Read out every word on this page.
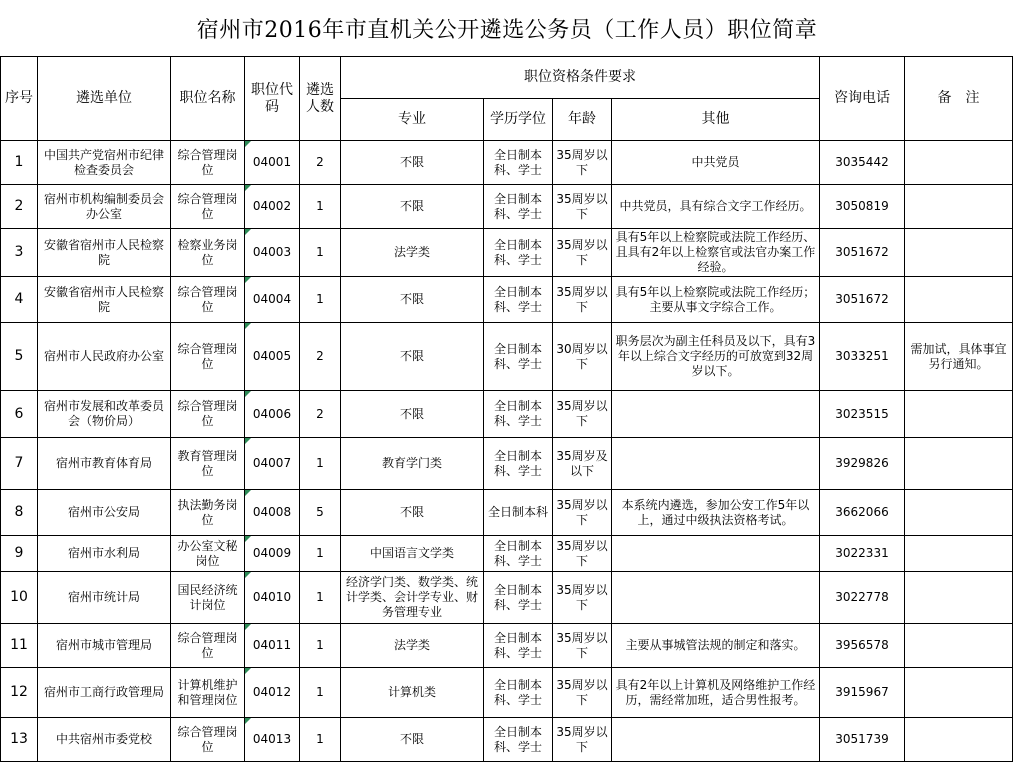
宿州市2016年市直机关公开遴选公务员（工作人员）职位简章
序号	遴选单位	职位名称	职位代码	遴选人数	职位资格条件要求				咨询电话	备　注
					专业	学历学位	年龄	其他		
1	中国共产党宿州市纪律检查委员会	综合管理岗位	04001	2	不限	全日制本科、学士	35周岁以下	中共党员	3035442	
2	宿州市机构编制委员会办公室	综合管理岗位	04002	1	不限	全日制本科、学士	35周岁以下	中共党员，具有综合文字工作经历。	3050819	
3	安徽省宿州市人民检察院	检察业务岗位	04003	1	法学类	全日制本科、学士	35周岁以下	具有5年以上检察院或法院工作经历、且具有2年以上检察官或法官办案工作经验。	3051672	
4	安徽省宿州市人民检察院	综合管理岗位	04004	1	不限	全日制本科、学士	35周岁以下	具有5年以上检察院或法院工作经历；主要从事文字综合工作。	3051672	
5	宿州市人民政府办公室	综合管理岗位	04005	2	不限	全日制本科、学士	30周岁以下	职务层次为副主任科员及以下，具有3年以上综合文字经历的可放宽到32周岁以下。	3033251	需加试，具体事宜另行通知。
6	宿州市发展和改革委员会（物价局）	综合管理岗位	04006	2	不限	全日制本科、学士	35周岁以下		3023515	
7	宿州市教育体育局	教育管理岗位	04007	1	教育学门类	全日制本科、学士	35周岁及以下		3929826	
8	宿州市公安局	执法勤务岗位	04008	5	不限	全日制本科	35周岁以下	本系统内遴选，参加公安工作5年以上，通过中级执法资格考试。	3662066	
9	宿州市水利局	办公室文秘岗位	04009	1	中国语言文学类	全日制本科、学士	35周岁以下		3022331	
10	宿州市统计局	国民经济统计岗位	04010	1	经济学门类、数学类、统计学类、会计学专业、财务管理专业	全日制本科、学士	35周岁以下		3022778	
11	宿州市城市管理局	综合管理岗位	04011	1	法学类	全日制本科、学士	35周岁以下	主要从事城管法规的制定和落实。	3956578	
12	宿州市工商行政管理局	计算机维护和管理岗位	04012	1	计算机类	全日制本科、学士	35周岁以下	具有2年以上计算机及网络维护工作经历，需经常加班，适合男性报考。	3915967	
13	中共宿州市委党校	综合管理岗位	04013	1	不限	全日制本科、学士	35周岁以下		3051739	
